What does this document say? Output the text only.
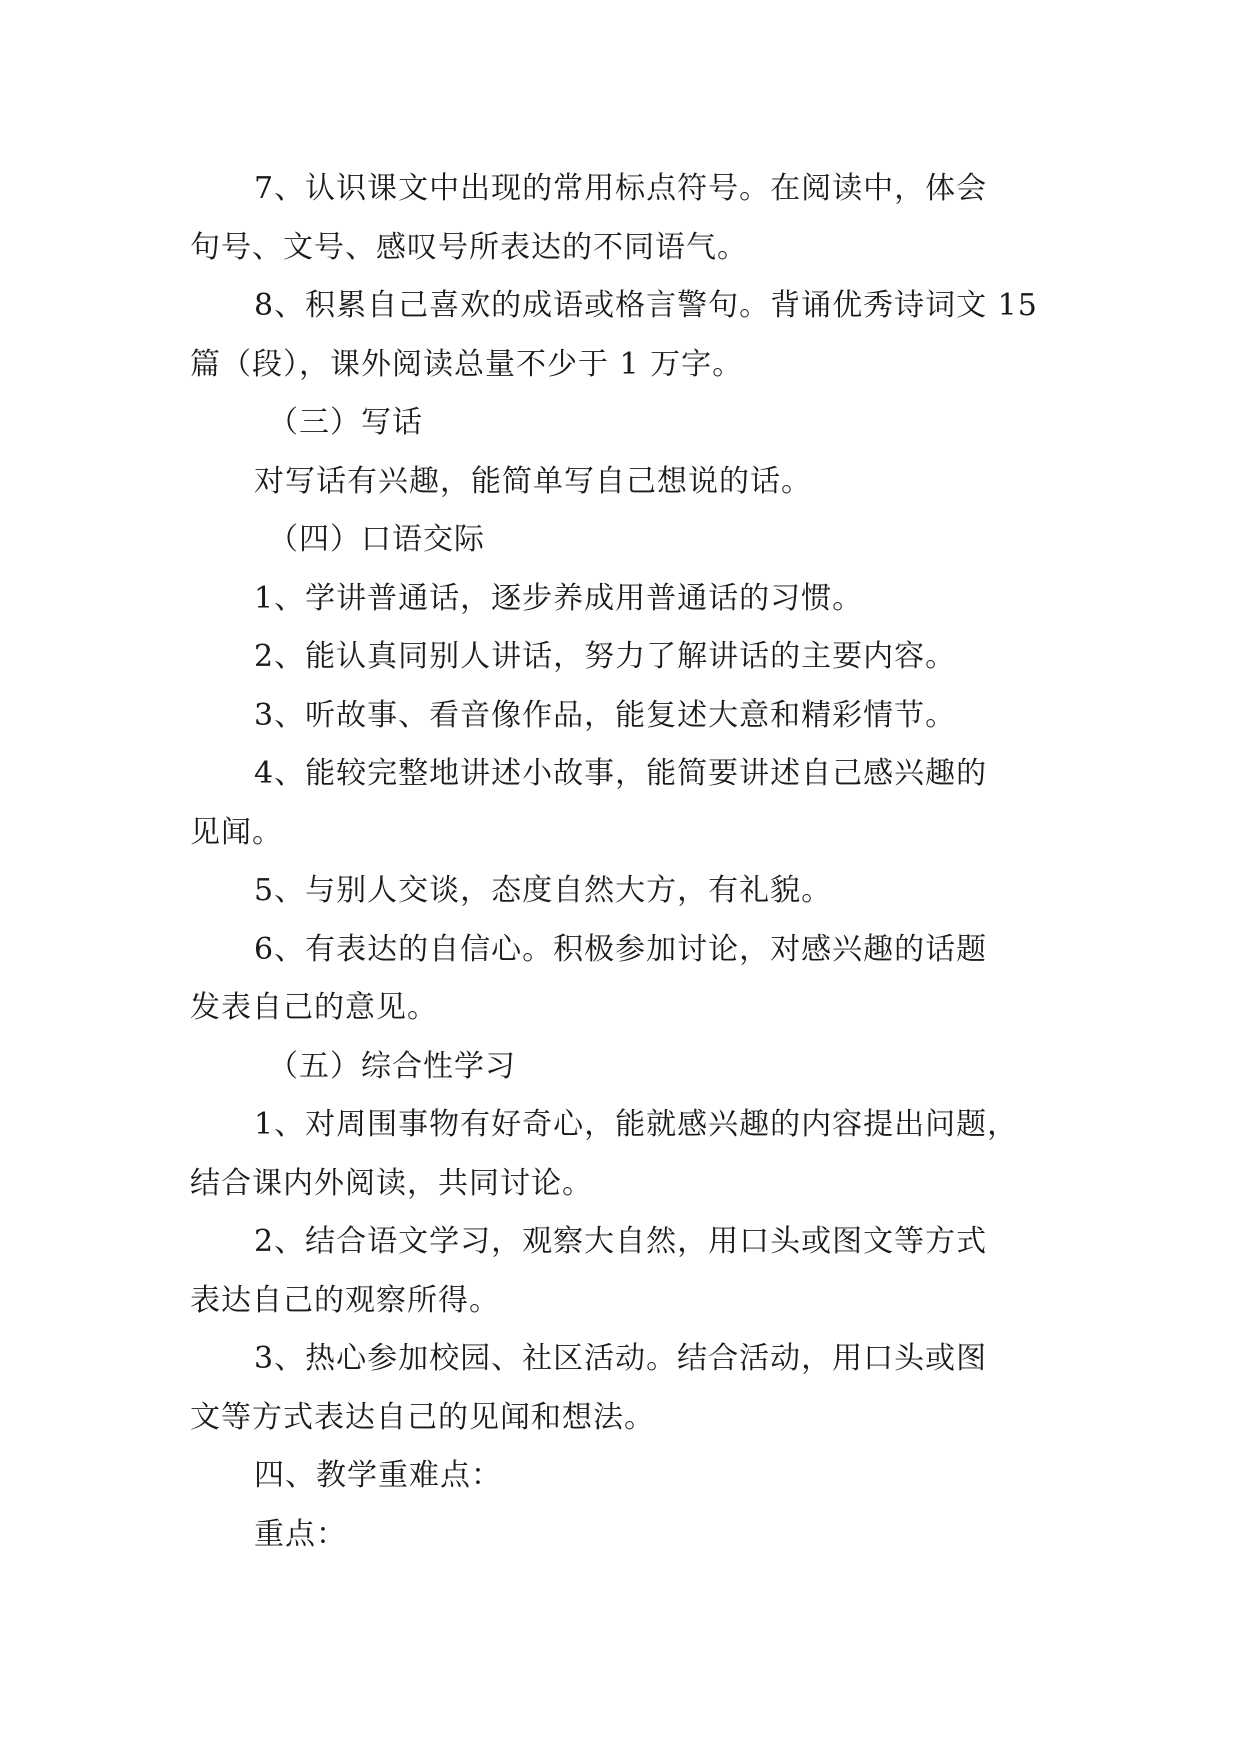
7、认识课文中出现的常用标点符号。在阅读中，体会
句号、文号、感叹号所表达的不同语气。

8、积累自己喜欢的成语或格言警句。背诵优秀诗词文 15
篇（段），课外阅读总量不少于 1 万字。

（三）写话

对写话有兴趣，能简单写自己想说的话。

（四）口语交际

1、学讲普通话，逐步养成用普通话的习惯。

2、能认真同别人讲话，努力了解讲话的主要内容。

3、听故事、看音像作品，能复述大意和精彩情节。

4、能较完整地讲述小故事，能简要讲述自己感兴趣的
见闻。

5、与别人交谈，态度自然大方，有礼貌。

6、有表达的自信心。积极参加讨论，对感兴趣的话题
发表自己的意见。

（五）综合性学习

1、对周围事物有好奇心，能就感兴趣的内容提出问题，
结合课内外阅读，共同讨论。

2、结合语文学习，观察大自然，用口头或图文等方式
表达自己的观察所得。

3、热心参加校园、社区活动。结合活动，用口头或图
文等方式表达自己的见闻和想法。

四、教学重难点：

重点：
